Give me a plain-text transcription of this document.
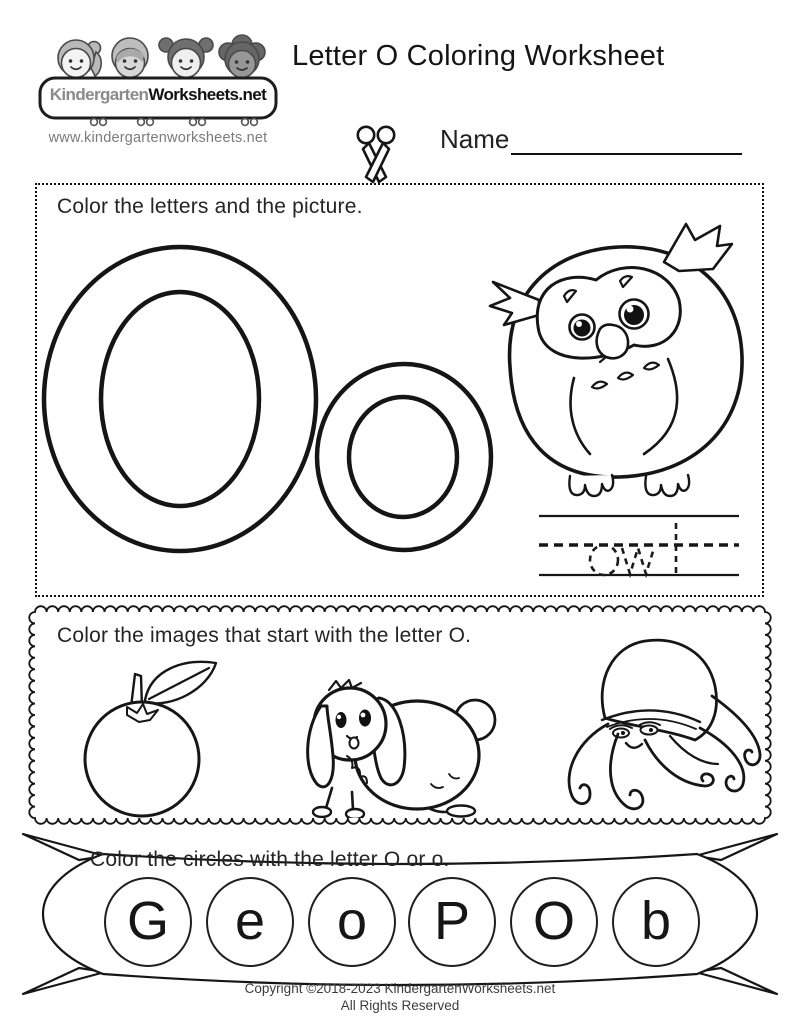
KindergartenWorksheets.net
www.kindergartenworksheets.net
Letter O Coloring Worksheet
Name
Color the letters and the picture.
Color the images that start with the letter O.
Color the circles with the letter O or o.
G	e	o	P	O	b
Copyright ©2018-2023 KindergartenWorksheets.net
All Rights Reserved
